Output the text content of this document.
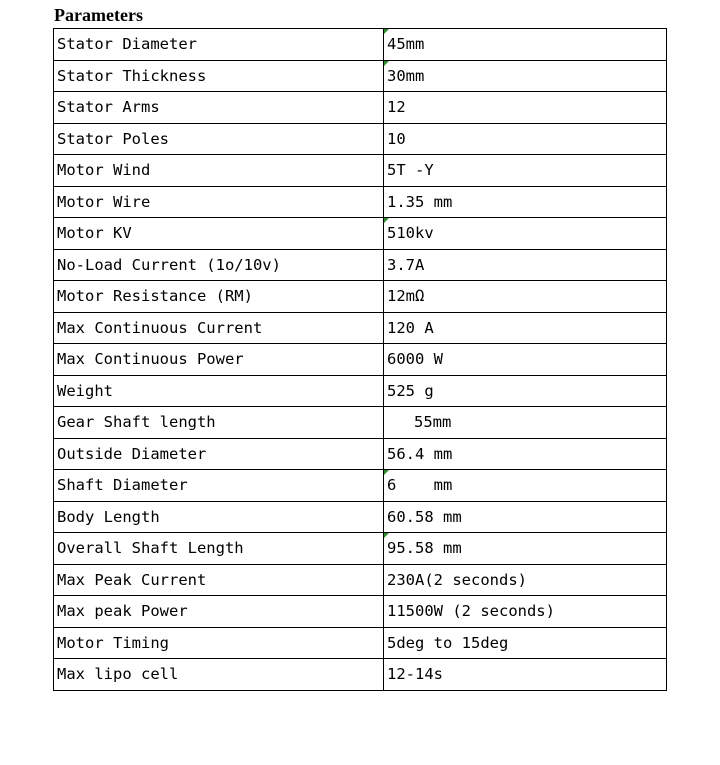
Parameters
Stator Diameter	45mm
Stator Thickness	30mm
Stator Arms	12
Stator Poles	10
Motor Wind	5T -Y
Motor Wire	1.35 mm
Motor KV	510kv
No-Load Current (1o/10v)	3.7A
Motor Resistance (RM)	12mΩ
Max Continuous Current	120 A
Max Continuous Power	6000 W
Weight	525 g
Gear Shaft length	55mm
Outside Diameter	56.4 mm
Shaft Diameter	6    mm
Body Length	60.58 mm
Overall Shaft Length	95.58 mm
Max Peak Current	230A(2 seconds)
Max peak Power	11500W (2 seconds)
Motor Timing	5deg to 15deg
Max lipo cell	12-14s
